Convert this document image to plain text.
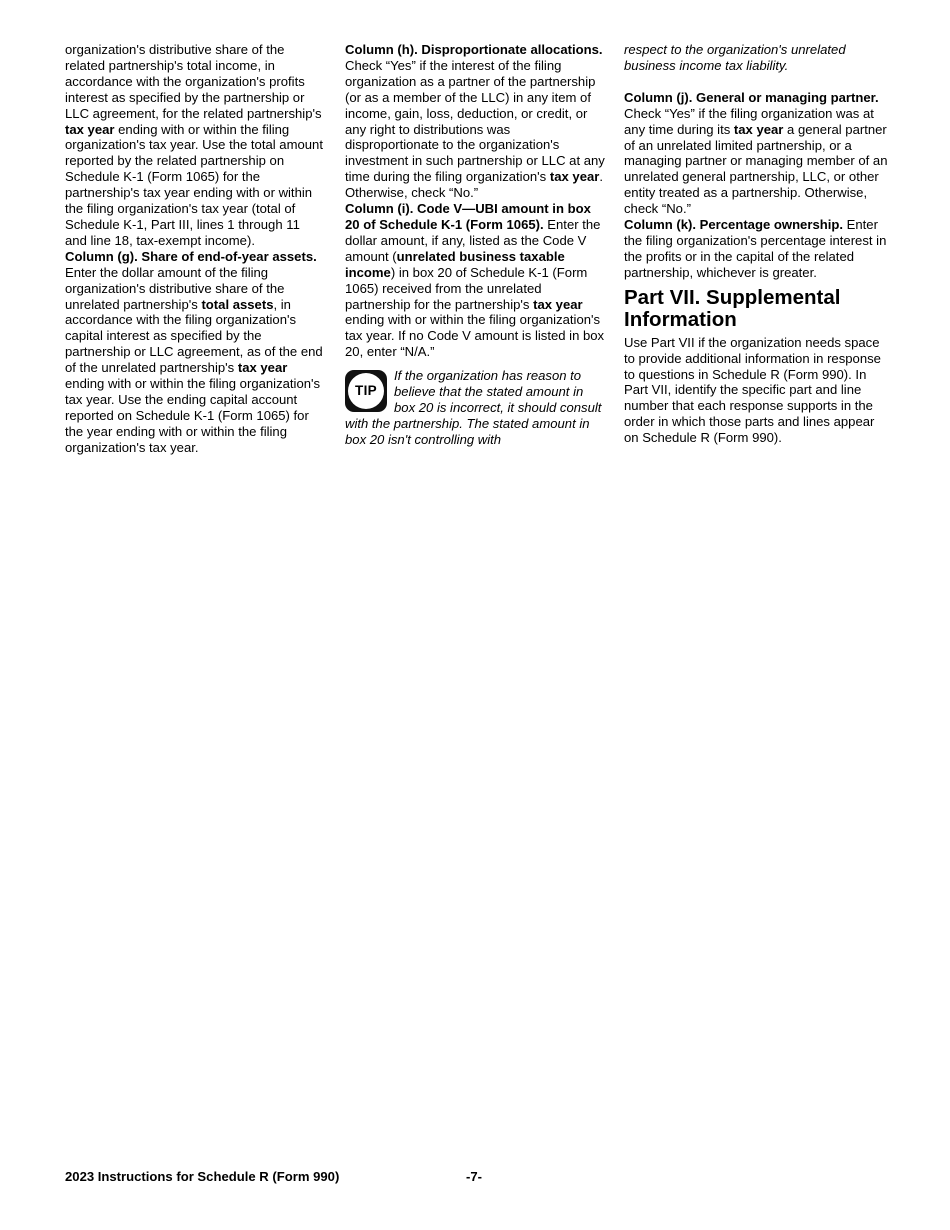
organization's distributive share of the related partnership's total income, in accordance with the organization's profits interest as specified by the partnership or LLC agreement, for the related partnership's tax year ending with or within the filing organization's tax year. Use the total amount reported by the related partnership on Schedule K-1 (Form 1065) for the partnership's tax year ending with or within the filing organization's tax year (total of Schedule K-1, Part III, lines 1 through 11 and line 18, tax-exempt income).

Column (g). Share of end-of-year assets. Enter the dollar amount of the filing organization's distributive share of the unrelated partnership's total assets, in accordance with the filing organization's capital interest as specified by the partnership or LLC agreement, as of the end of the unrelated partnership's tax year ending with or within the filing organization's tax year. Use the ending capital account reported on Schedule K-1 (Form 1065) for the year ending with or within the filing organization's tax year.

Column (h). Disproportionate allocations. Check “Yes” if the interest of the filing organization as a partner of the partnership (or as a member of the LLC) in any item of income, gain, loss, deduction, or credit, or any right to distributions was disproportionate to the organization's investment in such partnership or LLC at any time during the filing organization's tax year. Otherwise, check “No.”

Column (i). Code V—UBI amount in box 20 of Schedule K-1 (Form 1065). Enter the dollar amount, if any, listed as the Code V amount (unrelated business taxable income) in box 20 of Schedule K-1 (Form 1065) received from the unrelated partnership for the partnership's tax year ending with or within the filing organization's tax year. If no Code V amount is listed in box 20, enter “N/A.”

TIP

If the organization has reason to believe that the stated amount in box 20 is incorrect, it should consult with the partnership. The stated amount in box 20 isn't controlling with

respect to the organization's unrelated business income tax liability.

Column (j). General or managing partner. Check “Yes” if the filing organization was at any time during its tax year a general partner of an unrelated limited partnership, or a managing partner or managing member of an unrelated general partnership, LLC, or other entity treated as a partnership. Otherwise, check “No.”

Column (k). Percentage ownership. Enter the filing organization's percentage interest in the profits or in the capital of the related partnership, whichever is greater.

Part VII. Supplemental Information

Use Part VII if the organization needs space to provide additional information in response to questions in Schedule R (Form 990). In Part VII, identify the specific part and line number that each response supports in the order in which those parts and lines appear on Schedule R (Form 990).

2023 Instructions for Schedule R (Form 990)	-7-
